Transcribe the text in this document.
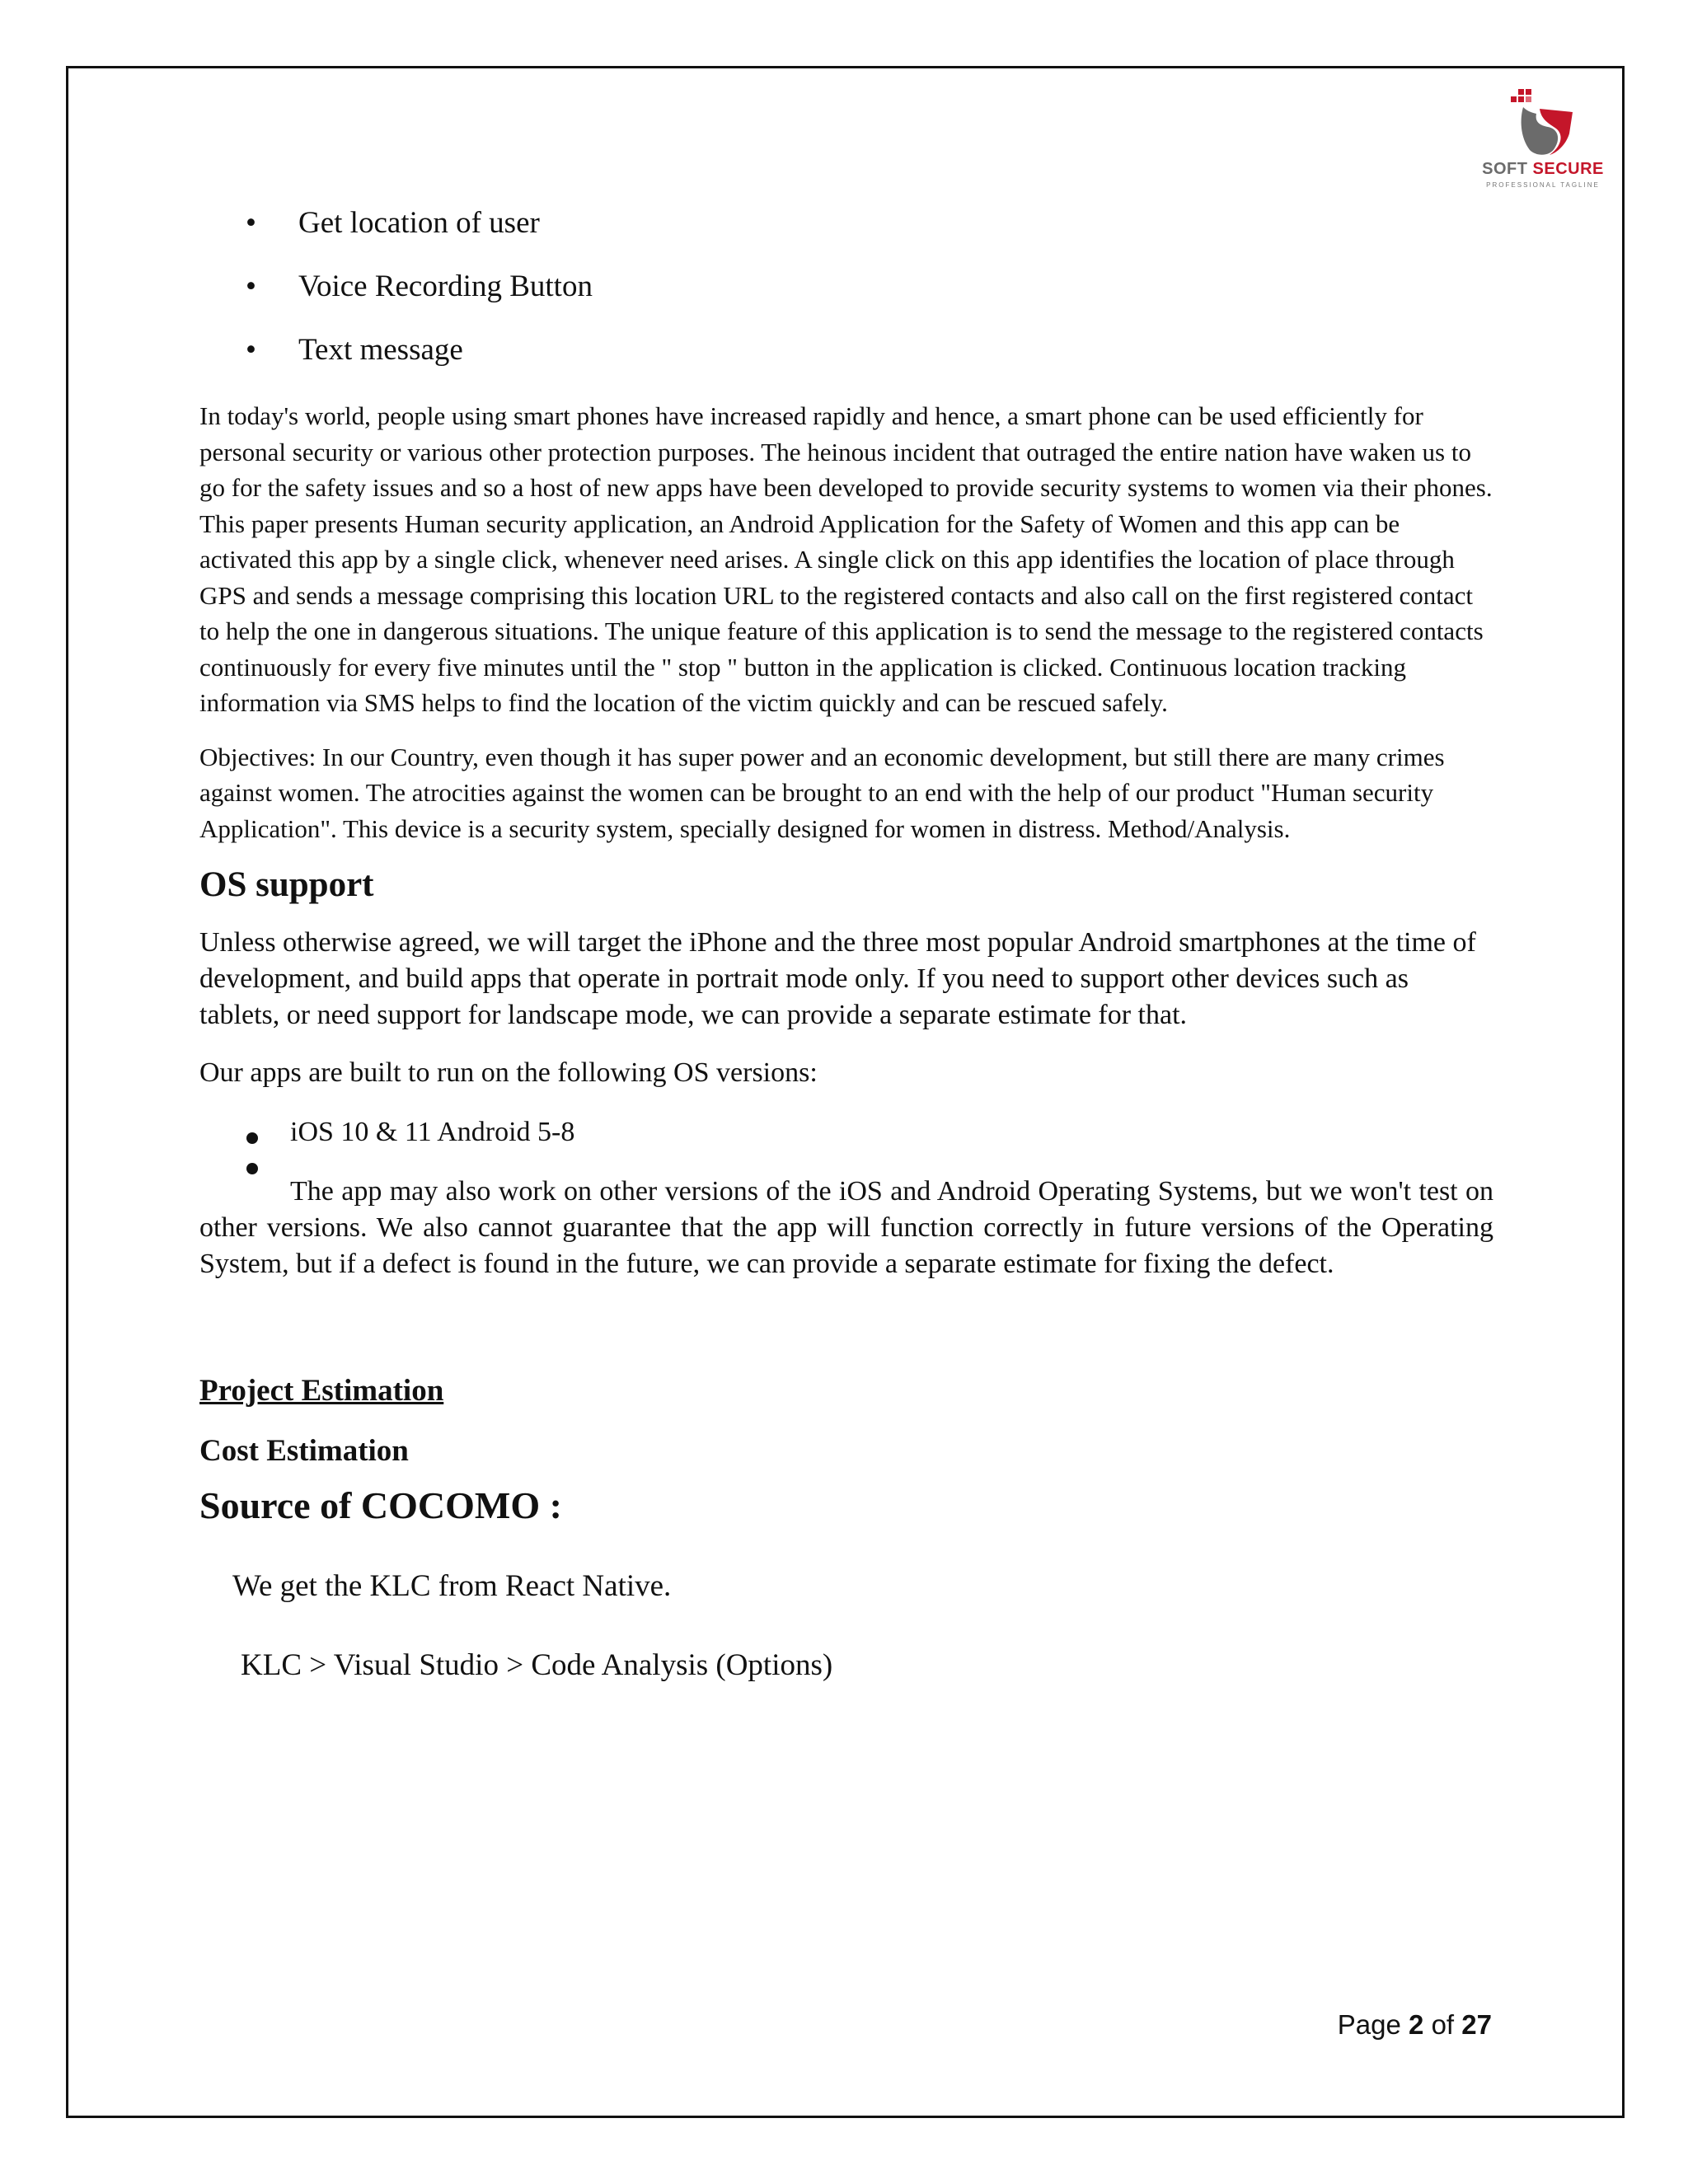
SOFT SECURE
PROFESSIONAL TAGLINE
• Get location of user
• Voice Recording Button
• Text message

In today's world, people using smart phones have increased rapidly and hence, a smart phone can be used efficiently for personal security or various other protection purposes. The heinous incident that outraged the entire nation have waken us to go for the safety issues and so a host of new apps have been developed to provide security systems to women via their phones. This paper presents Human security application, an Android Application for the Safety of Women and this app can be activated this app by a single click, whenever need arises. A single click on this app identifies the location of place through GPS and sends a message comprising this location URL to the registered contacts and also call on the first registered contact to help the one in dangerous situations. The unique feature of this application is to send the message to the registered contacts continuously for every five minutes until the " stop " button in the application is clicked. Continuous location tracking information via SMS helps to find the location of the victim quickly and can be rescued safely.

Objectives: In our Country, even though it has super power and an economic development, but still there are many crimes against women. The atrocities against the women can be brought to an end with the help of our product "Human security Application". This device is a security system, specially designed for women in distress. Method/Analysis.

OS support

Unless otherwise agreed, we will target the iPhone and the three most popular Android smartphones at the time of development, and build apps that operate in portrait mode only. If you need to support other devices such as tablets, or need support for landscape mode, we can provide a separate estimate for that.

Our apps are built to run on the following OS versions:

iOS 10 & 11 Android 5-8
The app may also work on other versions of the iOS and Android Operating Systems, but we won't test on other versions. We also cannot guarantee that the app will function correctly in future versions of the Operating System, but if a defect is found in the future, we can provide a separate estimate for fixing the defect.

Project Estimation

Cost Estimation

Source of COCOMO :

We get the KLC from React Native.

KLC > Visual Studio > Code Analysis (Options)

Page 2 of 27
